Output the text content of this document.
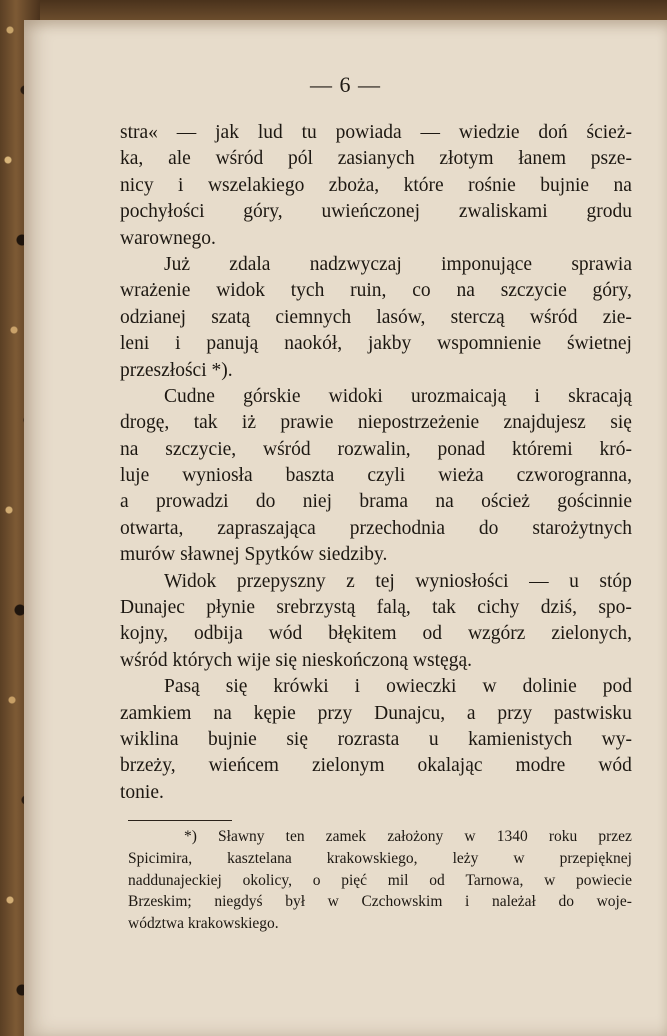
— 6 —
stra« — jak lud tu powiada — wiedzie doń ścież-
ka, ale wśród pól zasianych złotym łanem psze-
nicy i wszelakiego zboża, które rośnie bujnie na
pochyłości góry, uwieńczonej zwaliskami grodu
warownego.
Już zdala nadzwyczaj imponujące sprawia
wrażenie widok tych ruin, co na szczycie góry,
odzianej szatą ciemnych lasów, sterczą wśród zie-
leni i panują naokół, jakby wspomnienie świetnej
przeszłości *).
Cudne górskie widoki urozmaicają i skracają
drogę, tak iż prawie niepostrzeżenie znajdujesz się
na szczycie, wśród rozwalin, ponad któremi kró-
luje wyniosła baszta czyli wieża czworogranna,
a prowadzi do niej brama na oścież gościnnie
otwarta, zapraszająca przechodnia do starożytnych
murów sławnej Spytków siedziby.
Widok przepyszny z tej wyniosłości — u stóp
Dunajec płynie srebrzystą falą, tak cichy dziś, spo-
kojny, odbija wód błękitem od wzgórz zielonych,
wśród których wije się nieskończoną wstęgą.
Pasą się krówki i owieczki w dolinie pod
zamkiem na kępie przy Dunajcu, a przy pastwisku
wiklina bujnie się rozrasta u kamienistych wy-
brzeży, wieńcem zielonym okalając modre wód
tonie.
*) Sławny ten zamek założony w 1340 roku przez
Spicimira, kasztelana krakowskiego, leży w przepięknej
naddunajeckiej okolicy, o pięć mil od Tarnowa, w powiecie
Brzeskim; niegdyś był w Czchowskim i należał do woje-
wództwa krakowskiego.
